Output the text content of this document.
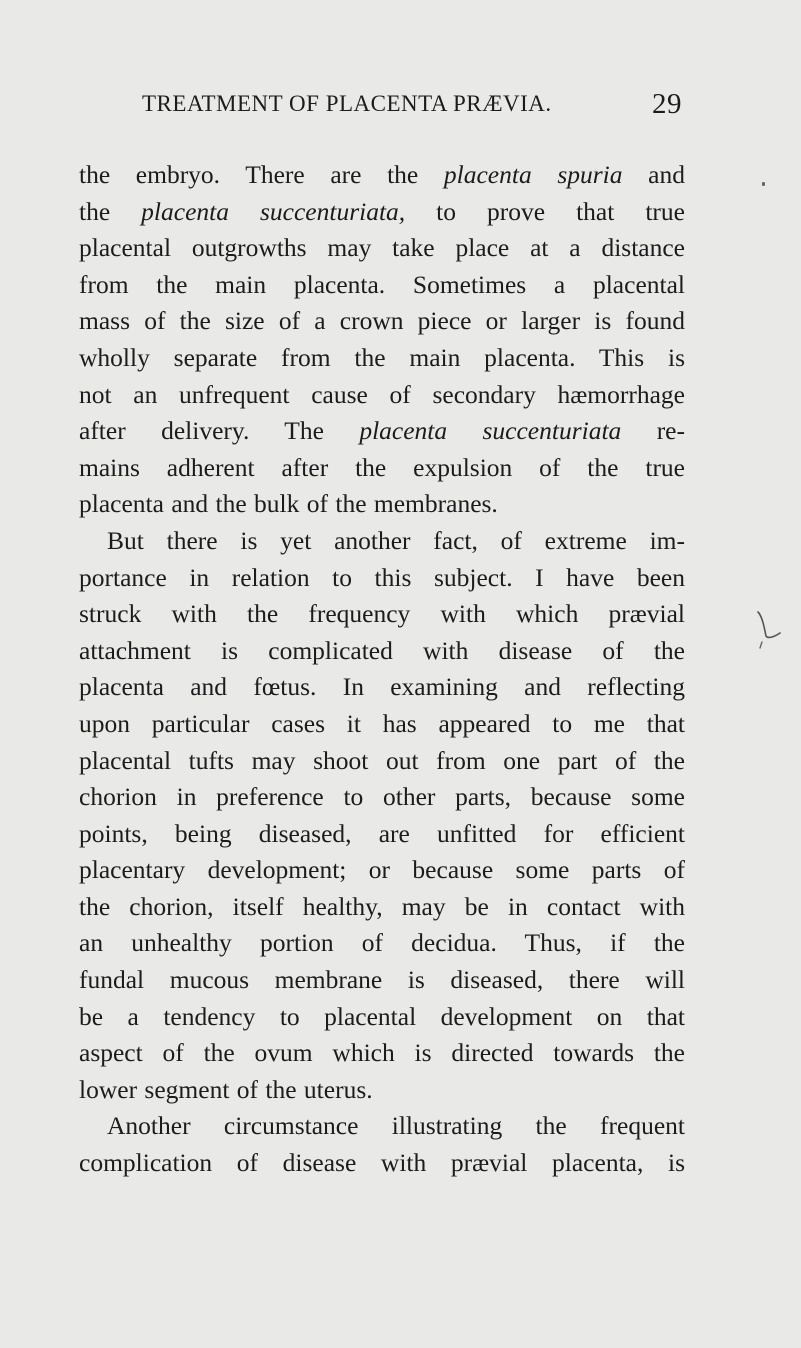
TREATMENT OF PLACENTA PRÆVIA.	29
the embryo. There are the placenta spuria and
the placenta succenturiata, to prove that true
placental outgrowths may take place at a distance
from the main placenta. Sometimes a placental
mass of the size of a crown piece or larger is found
wholly separate from the main placenta. This is
not an unfrequent cause of secondary hæmorrhage
after delivery. The placenta succenturiata re-
mains adherent after the expulsion of the true
placenta and the bulk of the membranes.
But there is yet another fact, of extreme im-
portance in relation to this subject. I have been
struck with the frequency with which prævial
attachment is complicated with disease of the
placenta and fœtus. In examining and reflecting
upon particular cases it has appeared to me that
placental tufts may shoot out from one part of the
chorion in preference to other parts, because some
points, being diseased, are unfitted for efficient
placentary development; or because some parts of
the chorion, itself healthy, may be in contact with
an unhealthy portion of decidua. Thus, if the
fundal mucous membrane is diseased, there will
be a tendency to placental development on that
aspect of the ovum which is directed towards the
lower segment of the uterus.
Another circumstance illustrating the frequent
complication of disease with prævial placenta, is
